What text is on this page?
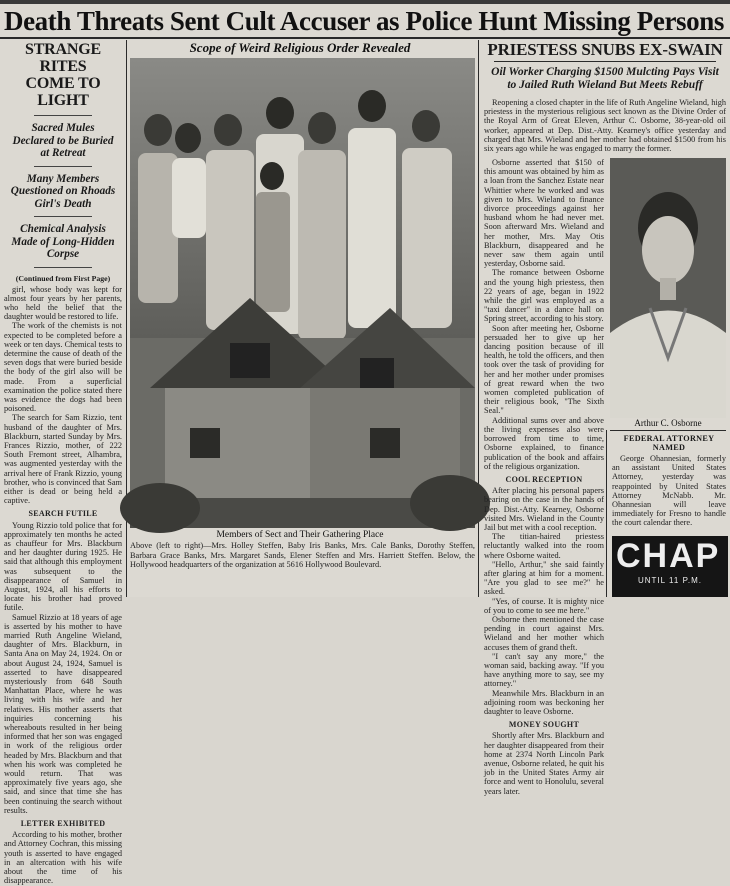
Death Threats Sent Cult Accuser as Police Hunt Missing Persons
STRANGE RITES
COME TO LIGHT
Sacred Mules Declared to be Buried at Retreat
Many Members Questioned on Rhoads Girl's Death
Chemical Analysis Made of Long-Hidden Corpse
(Continued from First Page)

girl, whose body was kept for almost four years by her parents, who held the belief that the daughter would be restored to life.

The work of the chemists is not expected to be completed before a week or ten days. Chemical tests to determine the cause of death of the seven dogs that were buried beside the body of the girl also will be made. From a superficial examination the police stated there was evidence the dogs had been poisoned.

The search for Sam Rizzio, tent husband of the daughter of Mrs. Blackburn, started Sunday by Mrs. Frances Rizzio, mother, of 222 South Fremont street, Alhambra, was augmented yesterday with the arrival here of Frank Rizzio, young brother, who is convinced that Sam either is dead or being held a captive.

SEARCH FUTILE

Young Rizzio told police that for approximately ten months he acted as chauffeur for Mrs. Blackburn and her daughter during 1925. He said that although this employment was subsequent to the disappearance of Samuel in August, 1924, all his efforts to locate his brother had proved futile.

Samuel Rizzio at 18 years of age is asserted by his mother to have married Ruth Angeline Wieland, daughter of Mrs. Blackburn, in Santa Ana on May 24, 1924. On or about August 24, 1924, Samuel is asserted to have disappeared mysteriously from 648 South Manhattan Place, where he was living with his wife and her relatives. His mother asserts that inquiries concerning his whereabouts resulted in her being informed that her son was engaged in work of the religious order headed by Mrs. Blackburn and that when his work was completed he would return. That was approximately five years ago, she said, and since that time she has been continuing the search without results.

LETTER EXHIBITED

According to his mother, brother and Attorney Cochran, this missing youth is asserted to have engaged in an altercation with his wife about the time of his disappearance.

Scope of Weird Religious Order Revealed
Members of Sect and Their Gathering Place
Above (left to right)—Mrs. Holley Steffen, Baby Iris Banks, Mrs. Cale Banks, Dorothy Steffen, Barbara Grace Banks, Mrs. Margaret Sands, Elener Steffen and Mrs. Harriett Steffen. Below, the Hollywood headquarters of the organization at 5616 Hollywood Boulevard.
PRIESTESS SNUBS EX-SWAIN
Oil Worker Charging $1500 Mulcting Pays Visit to Jailed Ruth Wieland But Meets Rebuff

Reopening a closed chapter in the life of Ruth Angeline Wieland, high priestess in the mysterious religious sect known as the Divine Order of the Royal Arm of Great Eleven, Arthur C. Osborne, 38-year-old oil worker, appeared at Dep. Dist.-Atty. Kearney's office yesterday and charged that Mrs. Wieland and her mother had obtained $1500 from his six years ago while he was engaged to marry the former.

Osborne asserted that $150 of this amount was obtained by him as a loan from the Sanchez Estate near Whittier where he worked and was given to Mrs. Wieland to finance divorce proceedings against her husband whom he had never met. Soon afterward Mrs. Wieland and her mother, Mrs. May Otis Blackburn, disappeared and he never saw them again until yesterday, Osborne said.

The romance between Osborne and the young high priestess, then 22 years of age, began in 1922 while the girl was employed as a "taxi dancer" in a dance hall on Spring street, according to his story.

Soon after meeting her, Osborne persuaded her to give up her dancing position because of ill health, he told the officers, and then took over the task of providing for her and her mother under promises of great reward when the two women completed publication of their religious book, "The Sixth Seal."

Additional sums over and above the living expenses also were borrowed from time to time, Osborne explained, to finance publication of the book and affairs of the religious organization.

COOL RECEPTION

After placing his personal papers bearing on the case in the hands of Dep. Dist.-Atty. Kearney, Osborne visited Mrs. Wieland in the County Jail but met with a cool reception.

The titian-haired priestess reluctantly walked into the room where Osborne waited.

"Hello, Arthur," she said faintly after glaring at him for a moment. "Are you glad to see me?" he asked.

"Yes, of course. It is mighty nice of you to come to see me here."

Osborne then mentioned the case pending in court against Mrs. Wieland and her mother which accuses them of grand theft.

"I can't say any more," the woman said, backing away. "If you have anything more to say, see my attorney."

Meanwhile Mrs. Blackburn in an adjoining room was beckoning her daughter to leave Osborne.

MONEY SOUGHT

Shortly after Mrs. Blackburn and her daughter disappeared from their home at 2374 North Lincoln Park avenue, Osborne related, he quit his job in the United States Army air force and went to Honolulu, several years later.

Arthur C. Osborne
FEDERAL ATTORNEY NAMED

George Ohannesian, formerly an assistant United States Attorney, yesterday was reappointed by United States Attorney McNabb. Mr. Ohannesian will leave immediately for Fresno to handle the court calendar there.

CHAP
UNTIL 11 P.M.
